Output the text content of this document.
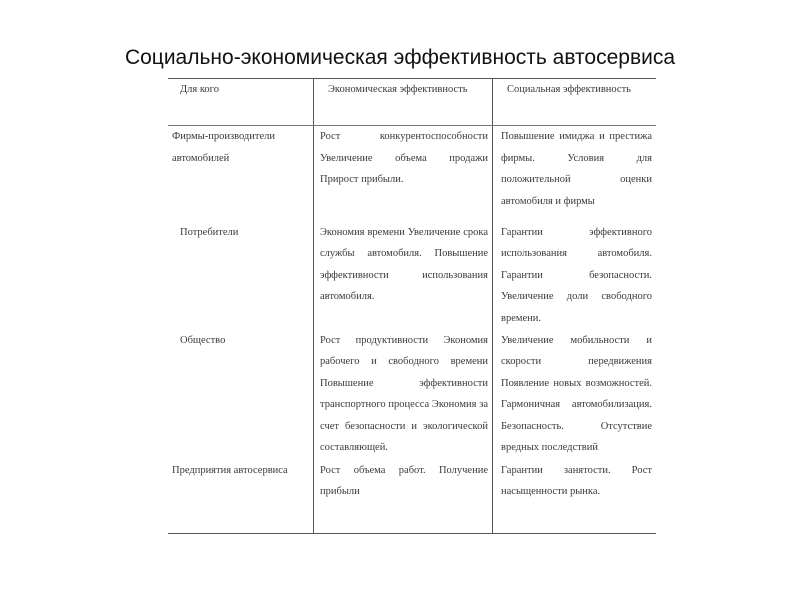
Социально-экономическая эффективность автосервиса
Для кого	Экономическая эффективность	Социальная эффективность

Фирмы-производители автомобилей	Рост конкурентоспособности Увеличение объема продажи Прирост прибыли.	Повышение имиджа и престижа фирмы. Условия для положительной оценки автомобиля и фирмы

Потребители	Экономия времени Увеличение срока службы автомобиля. Повышение эффективности использования автомобиля.	Гарантии эффективного использования автомобиля. Гарантии безопасности. Увеличение доли свободного времени.

Общество	Рост продуктивности Экономия рабочего и свободного времени Повышение эффективности транспортного процесса Экономия за счет безопасности и экологической составляющей.	Увеличение мобильности и скорости передвижения Появление новых возможностей. Гармоничная автомобилизация. Безопасность. Отсутствие вредных последствий

Предприятия автосервиса	Рост объема работ. Получение прибыли	Гарантии занятости. Рост насыщенности рынка.
